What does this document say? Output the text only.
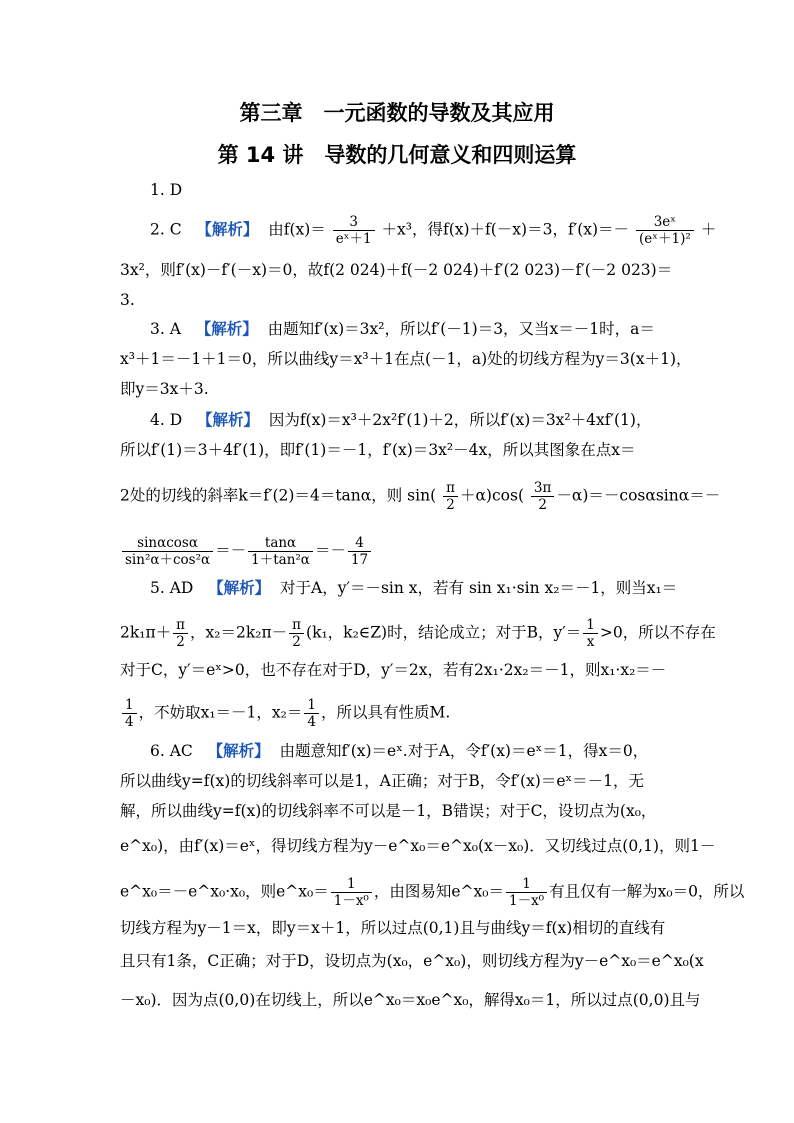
第三章　一元函数的导数及其应用
第 14 讲　导数的几何意义和四则运算
1. D
2. C 【解析】 由$f(x)= \frac{3}{\text{eˣ＋1}} +x^3$，得f(x)＋f(－x)＝3，$f'(x)=- \frac{\text{3eˣ}}{\text{(eˣ＋1)²}}$ ＋
3x²，则f′(x)－f′(－x)＝0，故f(2 024)＋f(－2 024)＋f′(2 023)－f′(－2 023)＝
3.
3. A 【解析】 由题知f′(x)＝3x²，所以f′(－1)＝3，又当x＝－1时，a＝
x³＋1＝－1＋1＝0，所以曲线y＝x³＋1在点(－1，a)处的切线方程为y＝3(x＋1)，
即y＝3x＋3.
4. D 【解析】 因为f(x)＝x³＋2x²f′(1)＋2，所以f′(x)＝3x²＋4xf′(1)，
所以f′(1)＝3＋4f′(1)，即f′(1)＝－1，f′(x)＝3x²－4x，所以其图象在点x＝
2处的切线的斜率k＝f′(2)＝4＝tanα，则 $\sin( \frac{\pi}{2} +\alpha)\cos( \frac{3\pi}{2} -\alpha)=-\cos\alpha\sin\alpha=-$
$\frac{\sin\alpha\cos\alpha}{\text{sin²α＋cos²α}} =- \frac{\tan\alpha}{\text{1＋tan²α}} =- \frac{4}{17}$
5. AD 【解析】 对于A，y′＝－sin x，若有 sin x₁·sin x₂＝－1，则当x₁＝
$2k_1\pi+ \frac{\pi}{2}$ ，$x_2=2k_2\pi- \frac{\pi}{2} (k_1$，k₂∈Z)时，结论成立；对于B，$y'= \frac{1}{x} >0$，所以不存在
对于C，y′＝eˣ>0，也不存在对于D，y′＝2x，若有2x₁·2x₂＝－1，则x₁·x₂＝－
$\frac{1}{4}$ ，不妨取x₁＝－1，$x_2= \frac{1}{4}$ ，所以具有性质M.
6. AC 【解析】 由题意知f′(x)＝eˣ.对于A，令f′(x)＝eˣ＝1，得x＝0，
所以曲线y=f(x)的切线斜率可以是1，A正确；对于B，令f′(x)＝eˣ＝－1，无
解，所以曲线y=f(x)的切线斜率不可以是－1，B错误；对于C，设切点为(x₀，
e^x₀)，由f′(x)＝eˣ，得切线方程为y－e^x₀＝e^x₀(x－x₀)．又切线过点(0,1)，则1－
e^x₀＝－e^x₀·x₀，则e^x₀＝ $\frac{1}{\text{1－x⁰}}$ ，由图易知e^x₀＝ $\frac{1}{\text{1－x⁰}}$ 有且仅有一解为x₀＝0，所以
切线方程为y－1＝x，即y＝x＋1，所以过点(0,1)且与曲线y＝f(x)相切的直线有
且只有1条，C正确；对于D，设切点为(x₀，e^x₀)，则切线方程为y－e^x₀＝e^x₀(x
－x₀)．因为点(0,0)在切线上，所以e^x₀＝x₀e^x₀，解得x₀＝1，所以过点(0,0)且与
